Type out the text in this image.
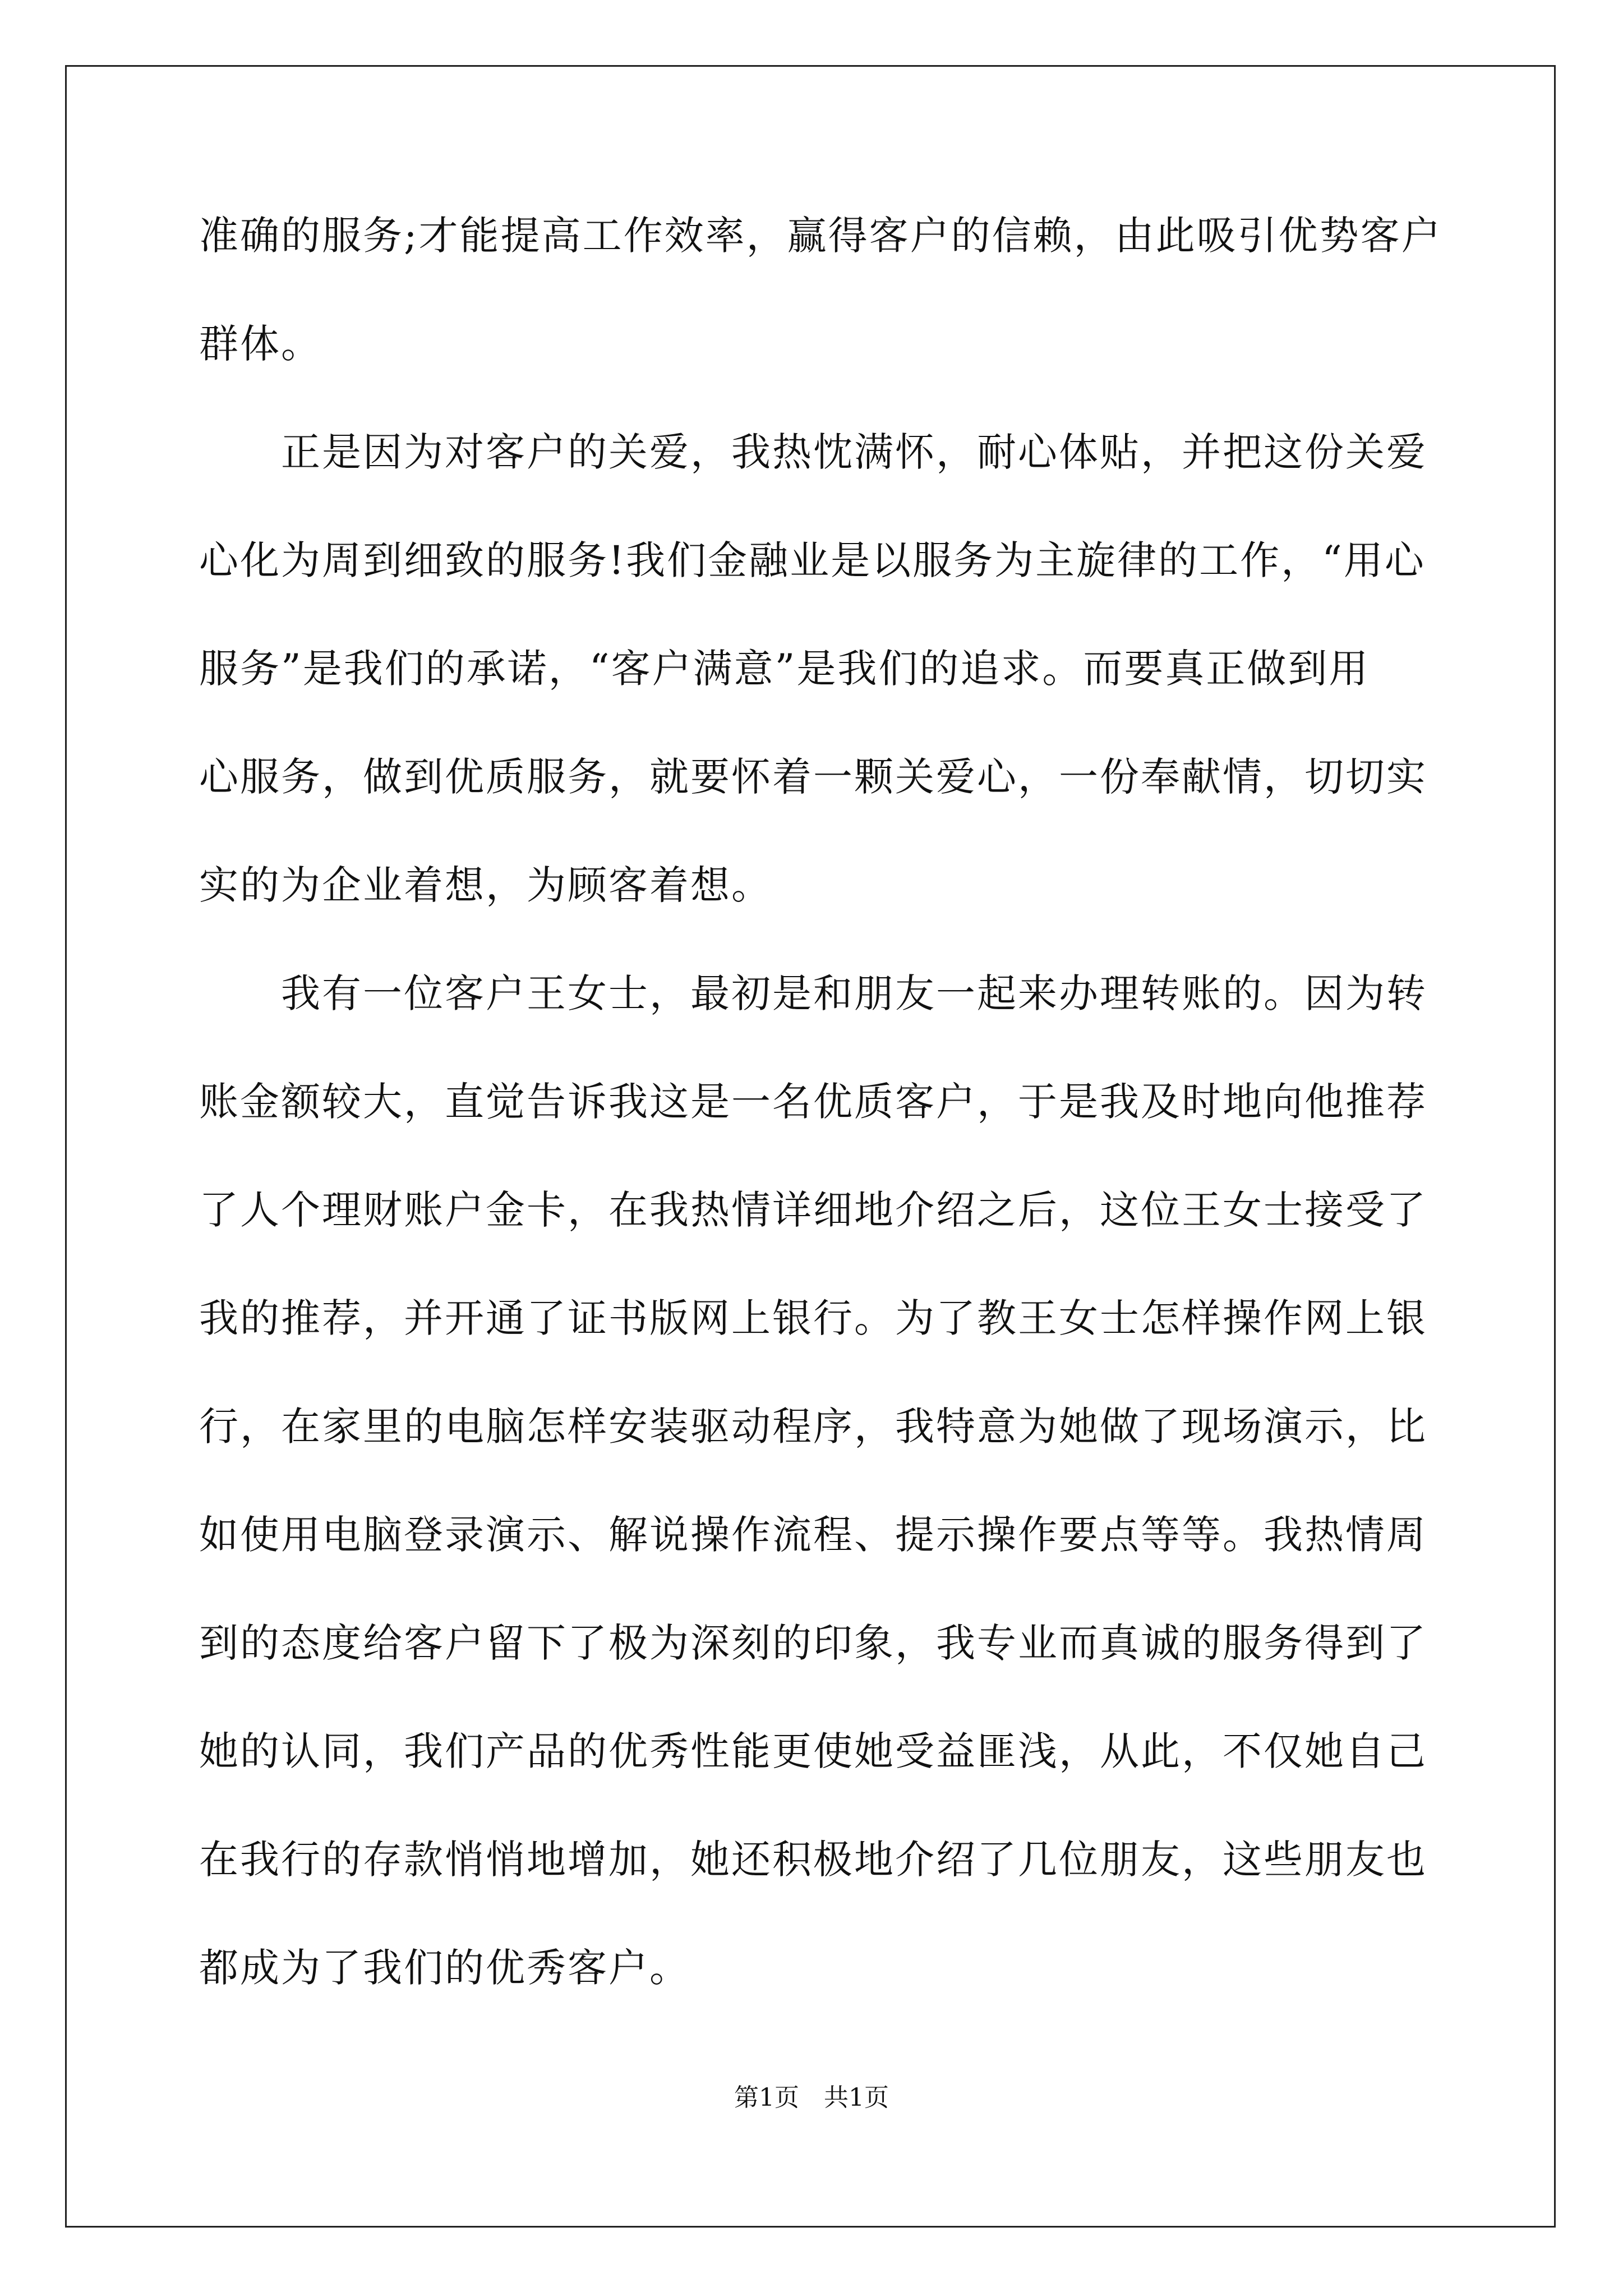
准确的服务;才能提高工作效率，赢得客户的信赖，由此吸引优势客户
群体。
　　正是因为对客户的关爱，我热忱满怀，耐心体贴，并把这份关爱
心化为周到细致的服务!我们金融业是以服务为主旋律的工作，“用心
服务”是我们的承诺，“客户满意”是我们的追求。而要真正做到用
心服务，做到优质服务，就要怀着一颗关爱心，一份奉献情，切切实
实的为企业着想，为顾客着想。
　　我有一位客户王女士，最初是和朋友一起来办理转账的。因为转
账金额较大，直觉告诉我这是一名优质客户，于是我及时地向他推荐
了人个理财账户金卡，在我热情详细地介绍之后，这位王女士接受了
我的推荐，并开通了证书版网上银行。为了教王女士怎样操作网上银
行，在家里的电脑怎样安装驱动程序，我特意为她做了现场演示，比
如使用电脑登录演示、解说操作流程、提示操作要点等等。我热情周
到的态度给客户留下了极为深刻的印象，我专业而真诚的服务得到了
她的认同，我们产品的优秀性能更使她受益匪浅，从此，不仅她自己
在我行的存款悄悄地增加，她还积极地介绍了几位朋友，这些朋友也
都成为了我们的优秀客户。
第1页　共1页
